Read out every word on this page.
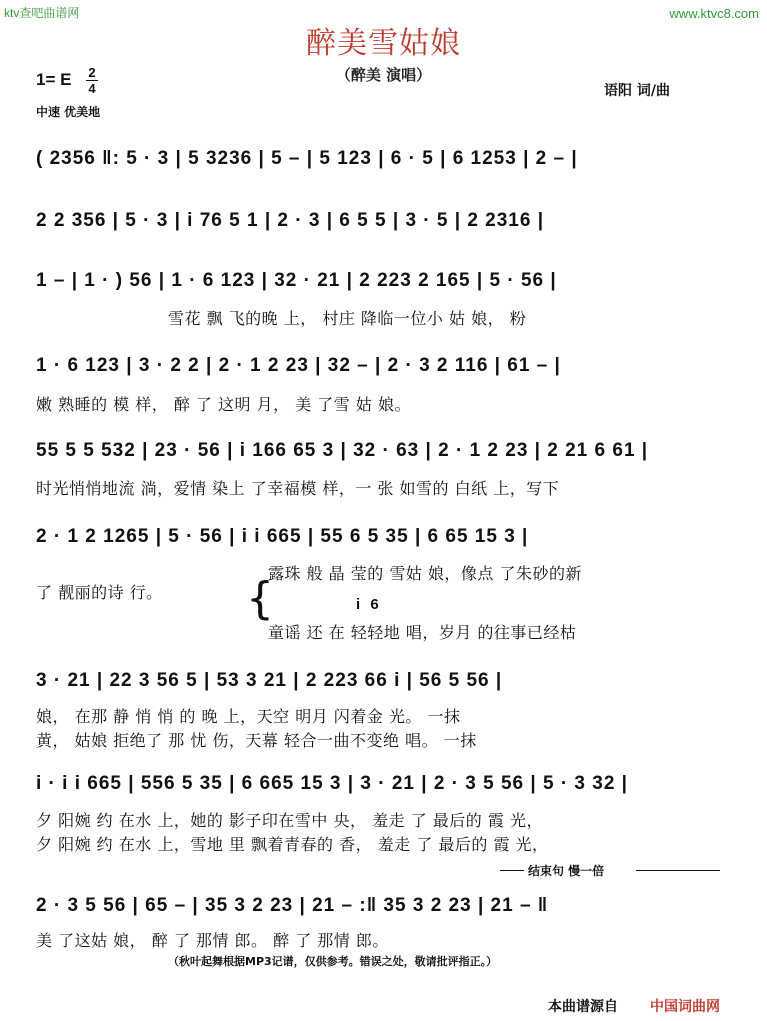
ktv查吧曲谱网	www.ktvc8.com
醉美雪姑娘
（醉美 演唱）
1= E 2
4
中速 优美地
语阳 词/曲
( 2356 ‖: 5 · 3 | 5 3236 | 5 – | 5 123 | 6 · 5 | 6 1253 | 2 – |
2 2 356 | 5 · 3 | i 76 5 1 | 2 · 3 | 6 5 5 | 3 · 5 | 2 2316 |
1 – | 1 · ) 56 | 1 · 6 123 | 32 · 21 | 2 223 2 165 | 5 · 56 |
雪花 飘 飞的晚 上， 村庄 降临一位小 姑 娘， 粉
1 · 6 123 | 3 · 2 2 | 2 · 1 2 23 | 32 – | 2 · 3 2 116 | 61 – |
嫩 熟睡的 模 样， 醉 了 这明 月， 美 了雪 姑 娘。
55 5 5 532 | 23 · 56 | i 166 65 3 | 32 · 63 | 2 · 1 2 23 | 2 21 6 61 |
时光悄悄地流 淌，爱情 染上 了幸福模 样，一 张 如雪的 白纸 上，写下
2 · 1 2 1265 | 5 · 56 | i i 665 | 55 6 5 35 | 6 65 15 3 |
了 靓丽的诗 行。 {
露珠 般 晶 莹的 雪姑 娘，像点 了朱砂的新
i 6
童谣 还 在 轻轻地 唱，岁月 的往事已经枯
3 · 21 | 22 3 56 5 | 53 3 21 | 2 223 66 i | 56 5 56 |
娘， 在那 静 悄 悄 的 晚 上，天空 明月 闪着金 光。 一抹
黄， 姑娘 拒绝了 那 忧 伤，天幕 轻合一曲不变绝 唱。 一抹
i · i i 665 | 556 5 35 | 6 665 15 3 | 3 · 21 | 2 · 3 5 56 | 5 · 3 32 |
夕 阳婉 约 在水 上，她的 影子印在雪中 央， 羞走 了 最后的 霞 光，
夕 阳婉 约 在水 上，雪地 里 飘着青春的 香， 羞走 了 最后的 霞 光，
结束句 慢一倍
2 · 3 5 56 | 65 – | 35 3 2 23 | 21 – :‖ 35 3 2 23 | 21 – ‖
美 了这姑 娘， 醉 了 那情 郎。 醉 了 那情 郎。
（秋叶起舞根据MP3记谱，仅供参考。错误之处，敬请批评指正。）
本曲谱源自 中国词曲网
